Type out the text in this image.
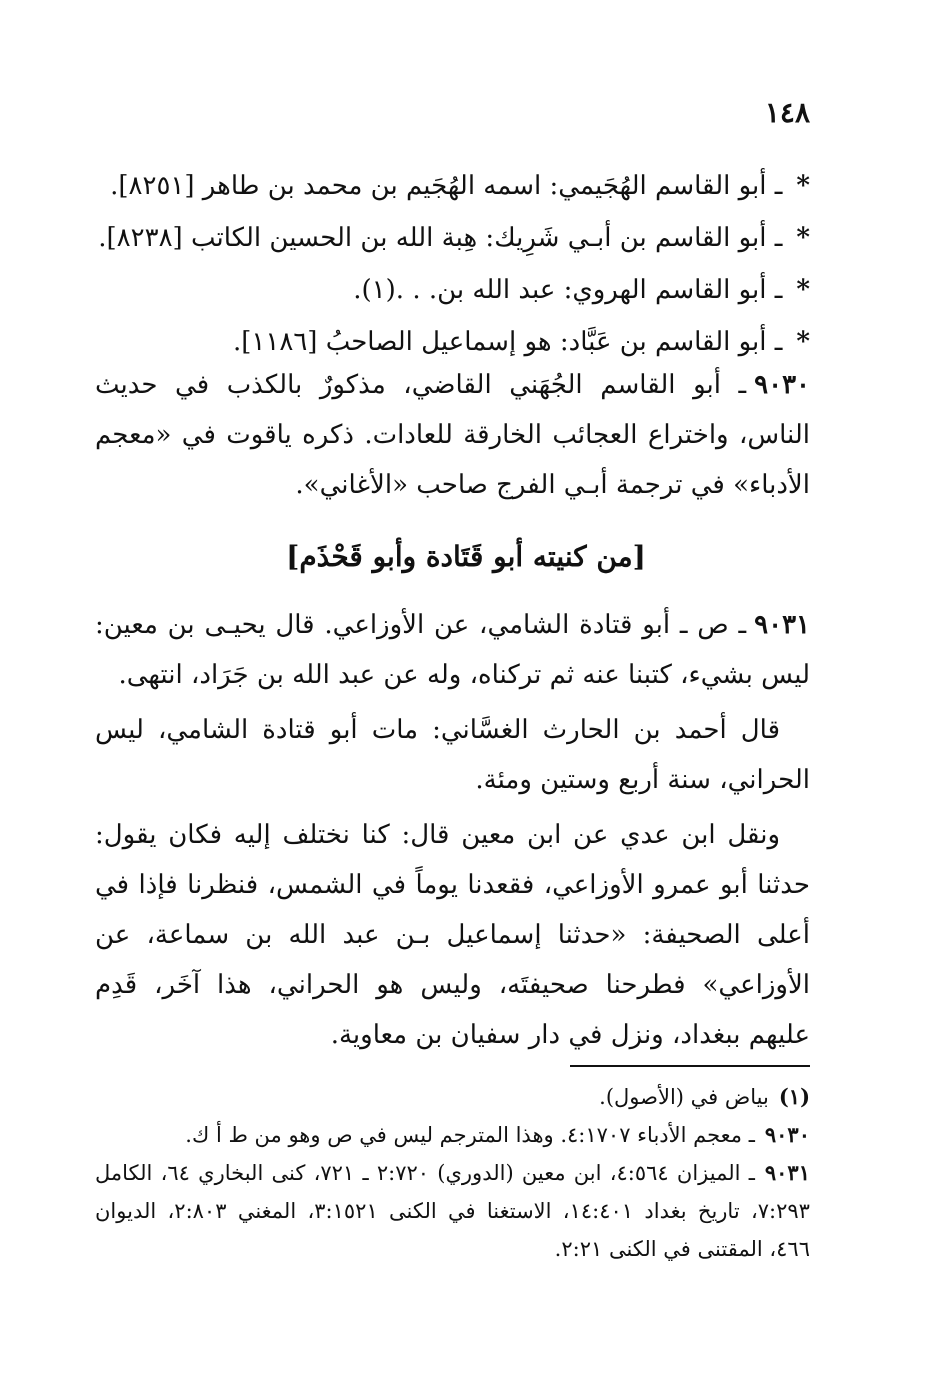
١٤٨
*ـ أبو القاسم الهُجَيمي: اسمه الهُجَيم بن محمد بن طاهر [٨٢٥١].
*ـ أبو القاسم بن أبـي شَرِيك: هِبة الله بن الحسين الكاتب [٨٢٣٨].
*ـ أبو القاسم الهروي: عبد الله بن. . .(١).
*ـ أبو القاسم بن عَبَّاد: هو إسماعيل الصاحبُ [١١٨٦].

٩٠٣٠ـ أبو القاسم الجُهَني القاضي، مذكورٌ بالكذب في حديث الناس، واختراع العجائب الخارقة للعادات. ذكره ياقوت في «معجم الأدباء» في ترجمة أبـي الفرج صاحب «الأغاني».

[من كنيته أبو قَتَادة وأبو قَحْذَم]

٩٠٣١ـ ص ـ أبو قتادة الشامي، عن الأوزاعي. قال يحيـى بن معين: ليس بشيء، كتبنا عنه ثم تركناه، وله عن عبد الله بن جَرَاد، انتهى.

قال أحمد بن الحارث الغسَّاني: مات أبو قتادة الشامي، ليس الحراني، سنة أربع وستين ومئة.

ونقل ابن عدي عن ابن معين قال: كنا نختلف إليه فكان يقول: حدثنا أبو عمرو الأوزاعي، فقعدنا يوماً في الشمس، فنظرنا فإذا في أعلى الصحيفة: «حدثنا إسماعيل بـن عبد الله بن سماعة، عن الأوزاعي» فطرحنا صحيفتَه، وليس هو الحراني، هذا آخَر، قَدِم عليهم ببغداد، ونزل في دار سفيان بن معاوية.

(١)بياض في (الأصول).

٩٠٣٠ـ معجم الأدباء ٤:١٧٠٧. وهذا المترجم ليس في ص وهو من ط أ ك.

٩٠٣١ـ الميزان ٤:٥٦٤، ابن معين (الدوري) ٢:٧٢٠ ـ ٧٢١، كنى البخاري ٦٤، الكامل ٧:٢٩٣، تاريخ بغداد ١٤:٤٠١، الاستغنا في الكنى ٣:١٥٢١، المغني ٢:٨٠٣، الديوان ٤٦٦، المقتنى في الكنى ٢:٢١.
